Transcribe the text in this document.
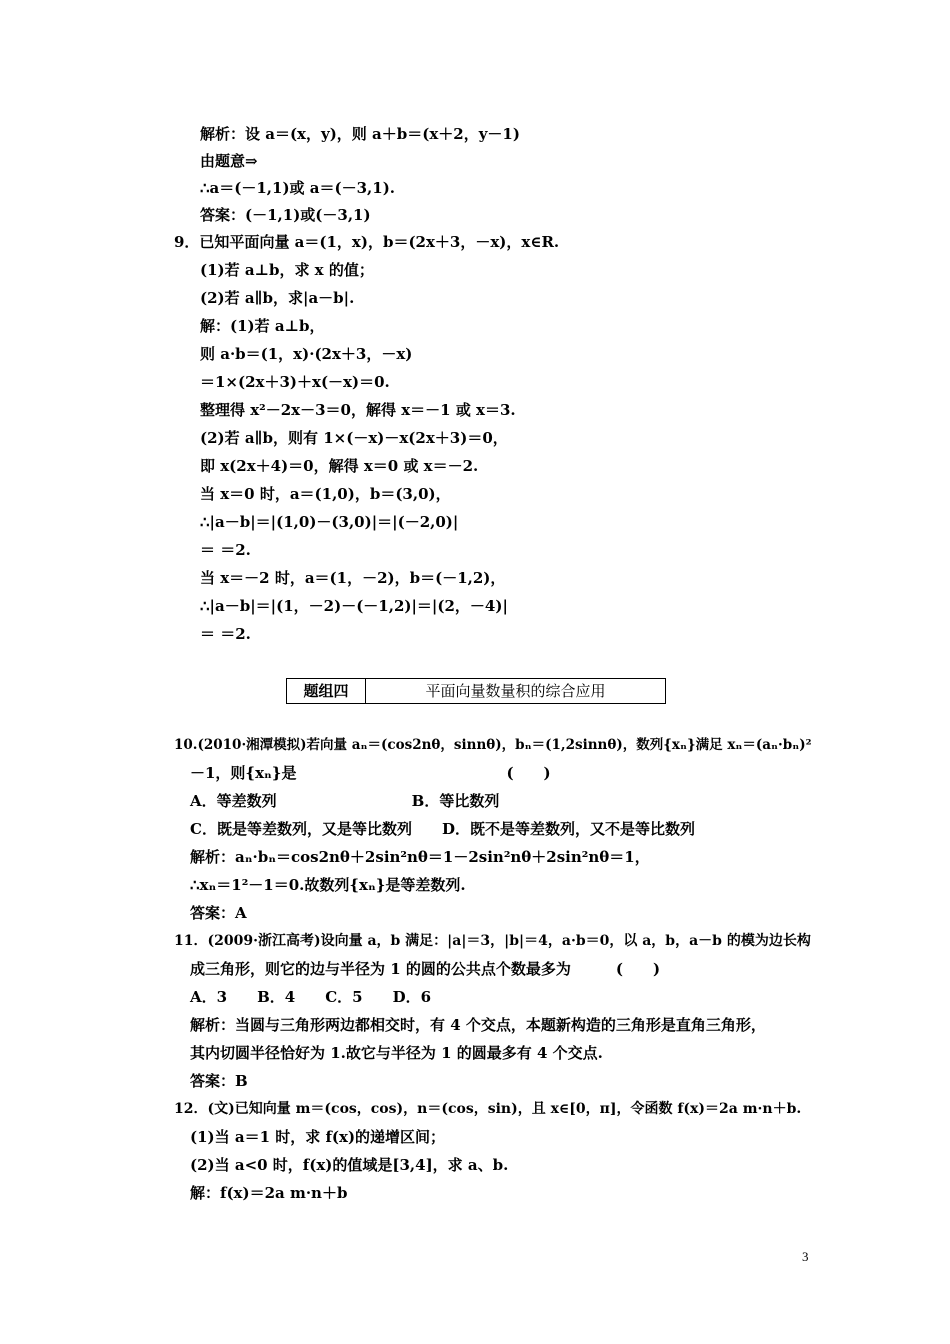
解析：设 a＝(x，y)，则 a＋b＝(x＋2，y－1)
由题意⇒
∴a＝(－1,1)或 a＝(－3,1).
答案：(－1,1)或(－3,1)
9．已知平面向量 a＝(1，x)，b＝(2x＋3，－x)，x∈R.
(1)若 a⊥b，求 x 的值；
(2)若 a∥b，求|a－b|.
解：(1)若 a⊥b，
则 a·b＝(1，x)·(2x＋3，－x)
＝1×(2x＋3)＋x(－x)＝0.
整理得 x²－2x－3＝0，解得 x＝－1 或 x＝3.
(2)若 a∥b，则有 1×(－x)－x(2x＋3)＝0，
即 x(2x＋4)＝0，解得 x＝0 或 x＝－2.
当 x＝0 时，a＝(1,0)，b＝(3,0)，
∴|a－b|＝|(1,0)－(3,0)|＝|(－2,0)|
＝ ＝2.
当 x＝－2 时，a＝(1，－2)，b＝(－1,2)，
∴|a－b|＝|(1，－2)－(－1,2)|＝|(2，－4)|
＝ ＝2.
10.(2010·湘潭模拟)若向量 aₙ＝(cos2nθ，sinnθ)，bₙ＝(1,2sinnθ)，数列{xₙ}满足 xₙ＝(aₙ·bₙ)²
－1，则{xₙ}是　　　　　　　　　　　　　　(　　)
A．等差数列　　　　　　　　　B．等比数列
C．既是等差数列，又是等比数列　　D．既不是等差数列，又不是等比数列
解析：aₙ·bₙ＝cos2nθ＋2sin²nθ＝1－2sin²nθ＋2sin²nθ＝1，
∴xₙ＝1²－1＝0.故数列{xₙ}是等差数列.
答案：A
11．(2009·浙江高考)设向量 a，b 满足：|a|＝3，|b|＝4，a·b＝0，以 a，b，a－b 的模为边长构
成三角形，则它的边与半径为 1 的圆的公共点个数最多为　　　(　　)
A．3　　B．4　　C．5　　D．6
解析：当圆与三角形两边都相交时，有 4 个交点，本题新构造的三角形是直角三角形，
其内切圆半径恰好为 1.故它与半径为 1 的圆最多有 4 个交点.
答案：B
12．(文)已知向量 m＝(cos，cos)，n＝(cos，sin)，且 x∈[0，π]，令函数 f(x)＝2a m·n＋b.
(1)当 a＝1 时，求 f(x)的递增区间；
(2)当 a<0 时，f(x)的值域是[3,4]，求 a、b.
解：f(x)＝2a m·n＋b
题组四	平面向量数量积的综合应用
3
